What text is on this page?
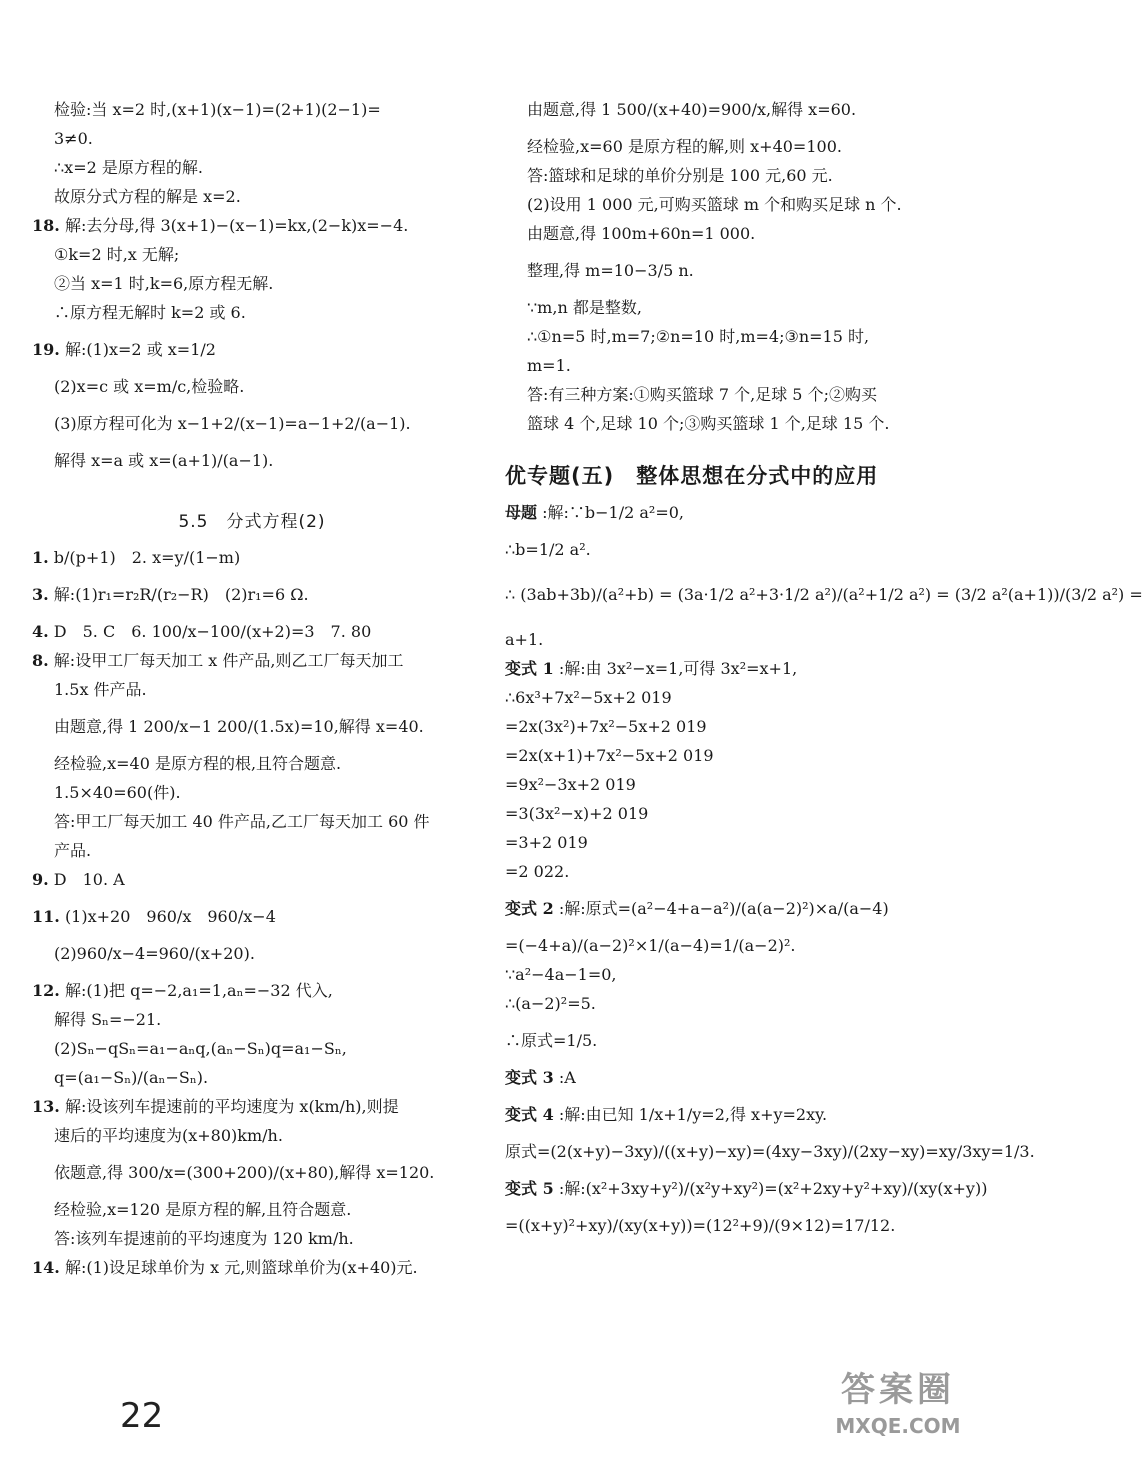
检验:当 x=2 时,(x+1)(x−1)=(2+1)(2−1)=
3≠0.
∴x=2 是原方程的解.
故原分式方程的解是 x=2.
18. 解:去分母,得 3(x+1)−(x−1)=kx,(2−k)x=−4.
①k=2 时,x 无解;
②当 x=1 时,k=6,原方程无解.
∴原方程无解时 k=2 或 6.
19. 解:(1)x=2 或 x=1/2
(2)x=c 或 x=m/c,检验略.
(3)原方程可化为 x−1+2/(x−1)=a−1+2/(a−1).
解得 x=a 或 x=(a+1)/(a−1).
5.5　分式方程(2)
1. b/(p+1)　2. x=y/(1−m)
3. 解:(1)r₁=r₂R/(r₂−R)　(2)r₁=6 Ω.
4. D　5. C　6. 100/x−100/(x+2)=3　7. 80
8. 解:设甲工厂每天加工 x 件产品,则乙工厂每天加工
1.5x 件产品.
由题意,得 1 200/x−1 200/(1.5x)=10,解得 x=40.
经检验,x=40 是原方程的根,且符合题意.
1.5×40=60(件).
答:甲工厂每天加工 40 件产品,乙工厂每天加工 60 件
产品.
9. D　10. A
11. (1)x+20　960/x　960/x−4
(2)960/x−4=960/(x+20).
12. 解:(1)把 q=−2,a₁=1,aₙ=−32 代入,
解得 Sₙ=−21.
(2)Sₙ−qSₙ=a₁−aₙq,(aₙ−Sₙ)q=a₁−Sₙ,
q=(a₁−Sₙ)/(aₙ−Sₙ).
13. 解:设该列车提速前的平均速度为 x(km/h),则提
速后的平均速度为(x+80)km/h.
依题意,得 300/x=(300+200)/(x+80),解得 x=120.
经检验,x=120 是原方程的解,且符合题意.
答:该列车提速前的平均速度为 120 km/h.
14. 解:(1)设足球单价为 x 元,则篮球单价为(x+40)元.
由题意,得 1 500/(x+40)=900/x,解得 x=60.
经检验,x=60 是原方程的解,则 x+40=100.
答:篮球和足球的单价分别是 100 元,60 元.
(2)设用 1 000 元,可购买篮球 m 个和购买足球 n 个.
由题意,得 100m+60n=1 000.
整理,得 m=10−3/5 n.
∵m,n 都是整数,
∴①n=5 时,m=7;②n=10 时,m=4;③n=15 时,
m=1.
答:有三种方案:①购买篮球 7 个,足球 5 个;②购买
篮球 4 个,足球 10 个;③购买篮球 1 个,足球 15 个.
优专题(五)　整体思想在分式中的应用
母题 :解:∵b−1/2 a²=0,
∴b=1/2 a².
∴ (3ab+3b)/(a²+b) = (3a·1/2 a²+3·1/2 a²)/(a²+1/2 a²) = (3/2 a²(a+1))/(3/2 a²) =
a+1.
变式 1 :解:由 3x²−x=1,可得 3x²=x+1,
∴6x³+7x²−5x+2 019
=2x(3x²)+7x²−5x+2 019
=2x(x+1)+7x²−5x+2 019
=9x²−3x+2 019
=3(3x²−x)+2 019
=3+2 019
=2 022.
变式 2 :解:原式=(a²−4+a−a²)/(a(a−2)²)×a/(a−4)
=(−4+a)/(a−2)²×1/(a−4)=1/(a−2)².
∵a²−4a−1=0,
∴(a−2)²=5.
∴原式=1/5.
变式 3 :A
变式 4 :解:由已知 1/x+1/y=2,得 x+y=2xy.
原式=(2(x+y)−3xy)/((x+y)−xy)=(4xy−3xy)/(2xy−xy)=xy/3xy=1/3.
变式 5 :解:(x²+3xy+y²)/(x²y+xy²)=(x²+2xy+y²+xy)/(xy(x+y))
=((x+y)²+xy)/(xy(x+y))=(12²+9)/(9×12)=17/12.
22
答案圈
MXQE.COM
